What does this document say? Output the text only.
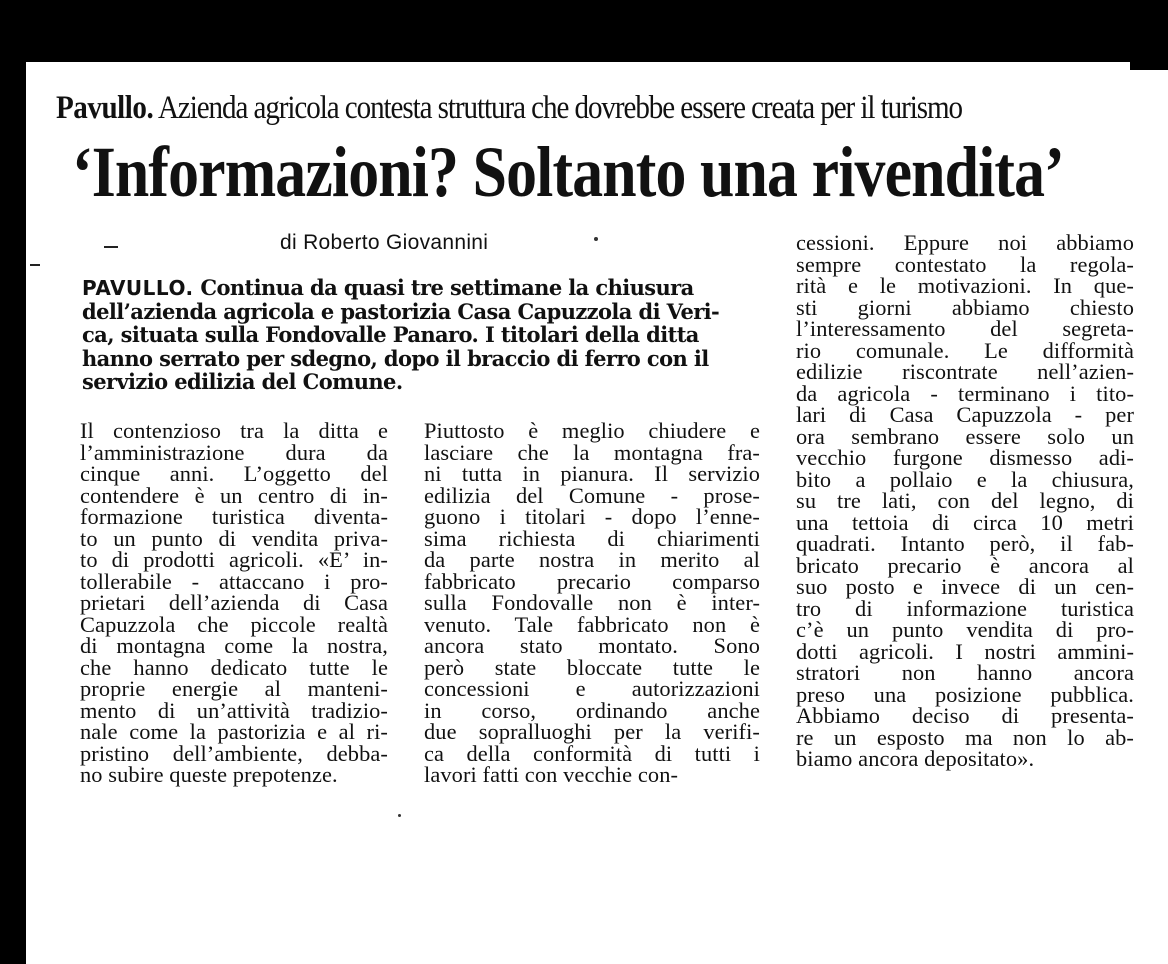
Pavullo. Azienda agricola contesta struttura che dovrebbe essere creata per il turismo
‘Informazioni? Soltanto una rivendita’
di Roberto Giovannini
PAVULLO. Continua da quasi tre settimane la chiusura
dell’azienda agricola e pastorizia Casa Capuzzola di Veri-
ca, situata sulla Fondovalle Panaro. I titolari della ditta
hanno serrato per sdegno, dopo il braccio di ferro con il
servizio edilizia del Comune.
Il contenzioso tra la ditta e
l’amministrazione dura da
cinque anni. L’oggetto del
contendere è un centro di in-
formazione turistica diventa-
to un punto di vendita priva-
to di prodotti agricoli. «E’ in-
tollerabile - attaccano i pro-
prietari dell’azienda di Casa
Capuzzola che piccole realtà
di montagna come la nostra,
che hanno dedicato tutte le
proprie energie al manteni-
mento di un’attività tradizio-
nale come la pastorizia e al ri-
pristino dell’ambiente, debba-
no subire queste prepotenze.
Piuttosto è meglio chiudere e
lasciare che la montagna fra-
ni tutta in pianura. Il servizio
edilizia del Comune - prose-
guono i titolari - dopo l’enne-
sima richiesta di chiarimenti
da parte nostra in merito al
fabbricato precario comparso
sulla Fondovalle non è inter-
venuto. Tale fabbricato non è
ancora stato montato. Sono
però state bloccate tutte le
concessioni e autorizzazioni
in corso, ordinando anche
due sopralluoghi per la verifi-
ca della conformità di tutti i
lavori fatti con vecchie con-
cessioni. Eppure noi abbiamo
sempre contestato la regola-
rità e le motivazioni. In que-
sti giorni abbiamo chiesto
l’interessamento del segreta-
rio comunale. Le difformità
edilizie riscontrate nell’azien-
da agricola - terminano i tito-
lari di Casa Capuzzola - per
ora sembrano essere solo un
vecchio furgone dismesso adi-
bito a pollaio e la chiusura,
su tre lati, con del legno, di
una tettoia di circa 10 metri
quadrati. Intanto però, il fab-
bricato precario è ancora al
suo posto e invece di un cen-
tro di informazione turistica
c’è un punto vendita di pro-
dotti agricoli. I nostri ammini-
stratori non hanno ancora
preso una posizione pubblica.
Abbiamo deciso di presenta-
re un esposto ma non lo ab-
biamo ancora depositato».
